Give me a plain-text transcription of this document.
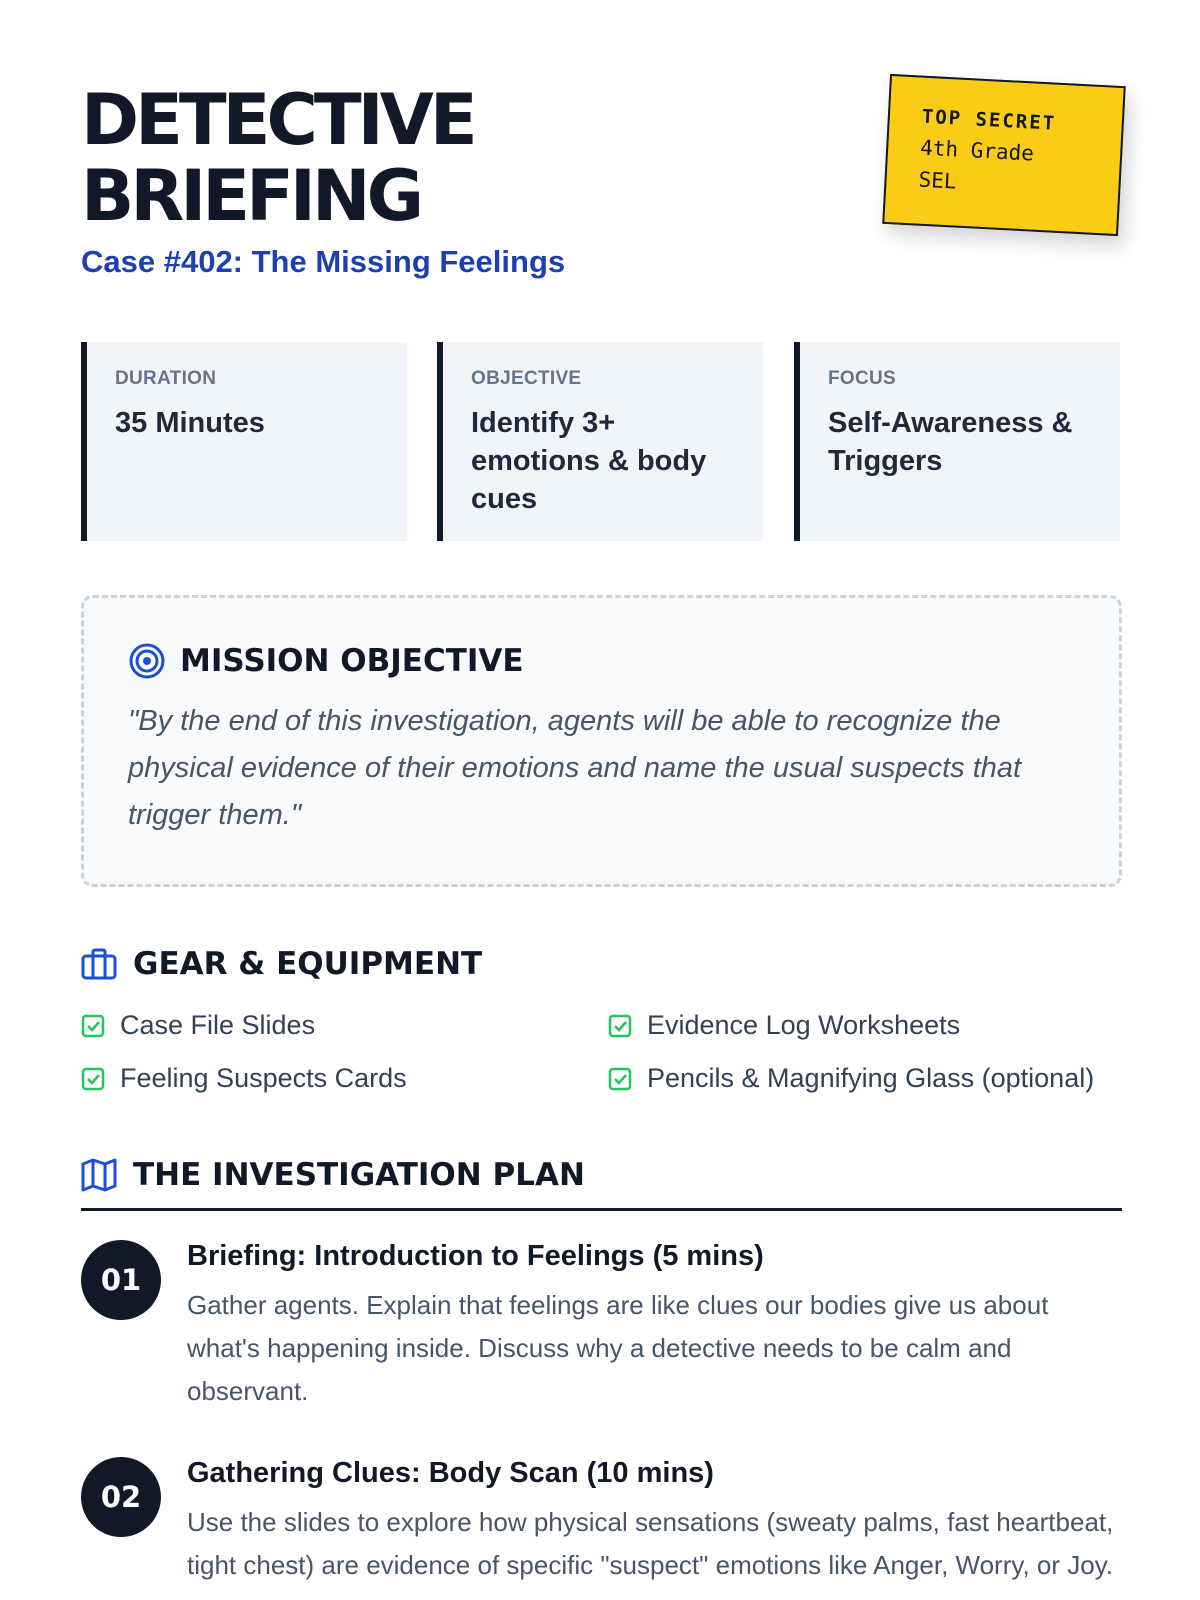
DETECTIVE
BRIEFING

Case #402: The Missing Feelings

TOP SECRET
4th Grade
SEL
DURATION
35 Minutes
OBJECTIVE
Identify 3+ emotions & body cues
FOCUS
Self-Awareness & Triggers
MISSION OBJECTIVE

"By the end of this investigation, agents will be able to recognize the physical evidence of their emotions and name the usual suspects that trigger them."

GEAR & EQUIPMENT
Case File Slides	Evidence Log Worksheets
Feeling Suspects Cards	Pencils & Magnifying Glass (optional)
THE INVESTIGATION PLAN
01

Briefing: Introduction to Feelings (5 mins)

Gather agents. Explain that feelings are like clues our bodies give us about what's happening inside. Discuss why a detective needs to be calm and observant.

02

Gathering Clues: Body Scan (10 mins)

Use the slides to explore how physical sensations (sweaty palms, fast heartbeat, tight chest) are evidence of specific "suspect" emotions like Anger, Worry, or Joy.
